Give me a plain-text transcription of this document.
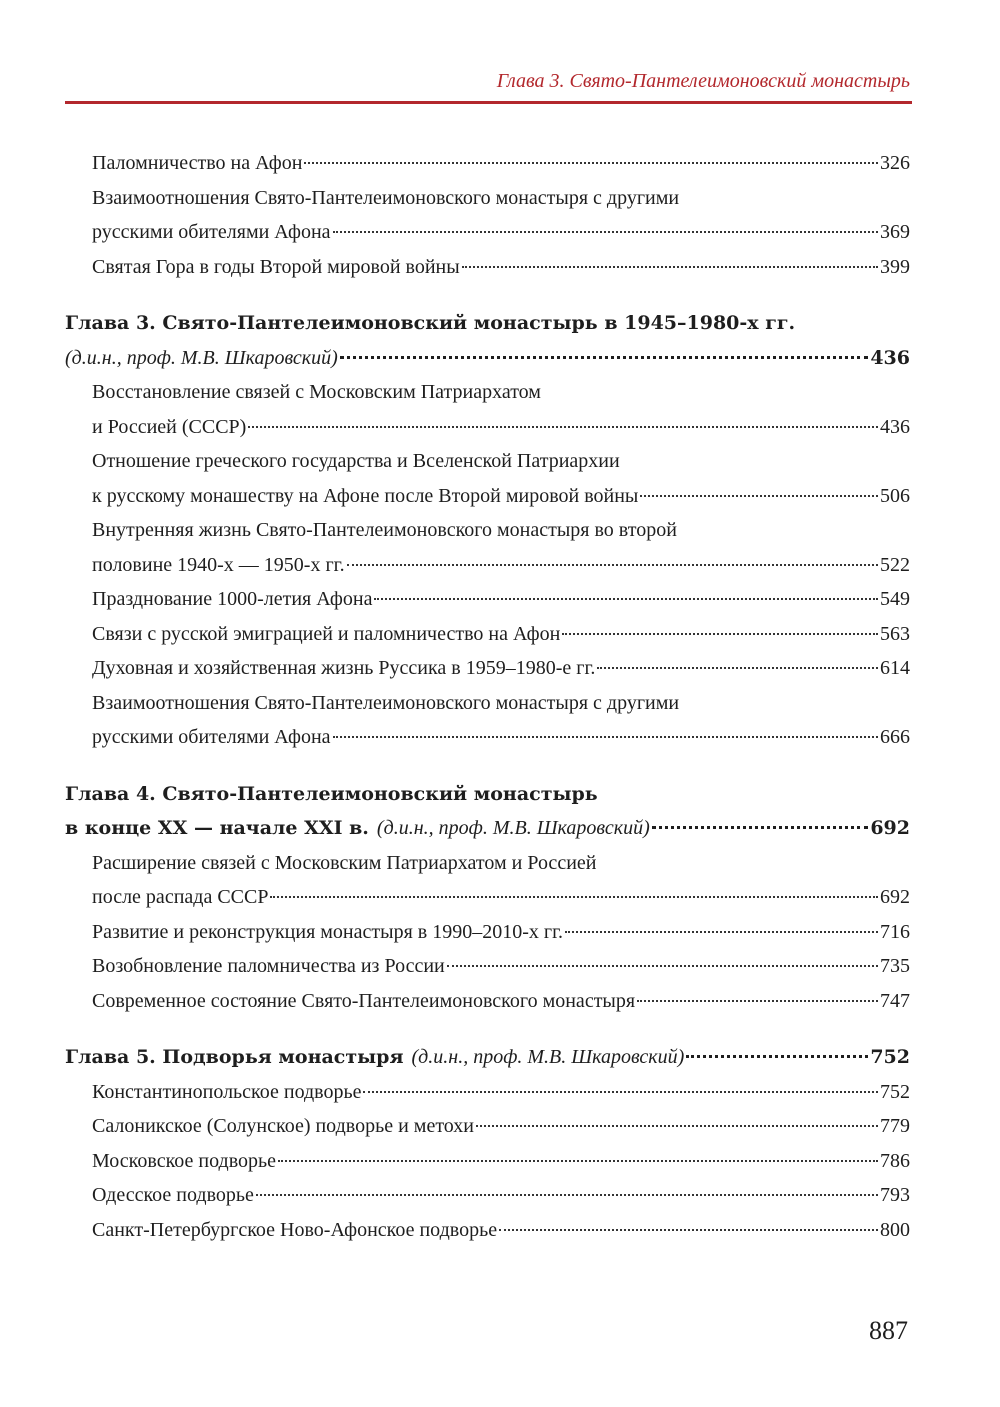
Глава 3. Свято-Пантелеимоновский монастырь
Паломничество на Афон	326
Взаимоотношения Свято-Пантелеимоновского монастыря с другими
русскими обителями Афона	369
Святая Гора в годы Второй мировой войны	399
Глава 3. Свято-Пантелеимоновский монастырь в 1945–1980-х гг.
(д.и.н., проф. М.В. Шкаровский)	436
Восстановление связей с Московским Патриархатом
и Россией (СССР)	436
Отношение греческого государства и Вселенской Патриархии
к русскому монашеству на Афоне после Второй мировой войны	506
Внутренняя жизнь Свято-Пантелеимоновского монастыря во второй
половине 1940-х — 1950-х гг.	522
Празднование 1000-летия Афона	549
Связи с русской эмиграцией и паломничество на Афон	563
Духовная и хозяйственная жизнь Руссика в 1959–1980-е гг.	614
Взаимоотношения Свято-Пантелеимоновского монастыря с другими
русскими обителями Афона	666
Глава 4. Свято-Пантелеимоновский монастырь
в конце XX — начале XXI в. (д.и.н., проф. М.В. Шкаровский)	692
Расширение связей с Московским Патриархатом и Россией
после распада СССР	692
Развитие и реконструкция монастыря в 1990–2010-х гг.	716
Возобновление паломничества из России	735
Современное состояние Свято-Пантелеимоновского монастыря	747
Глава 5. Подворья монастыря (д.и.н., проф. М.В. Шкаровский)	752
Константинопольское подворье	752
Салоникское (Солунское) подворье и метохи	779
Московское подворье	786
Одесское подворье	793
Санкт-Петербургское Ново-Афонское подворье	800
887
